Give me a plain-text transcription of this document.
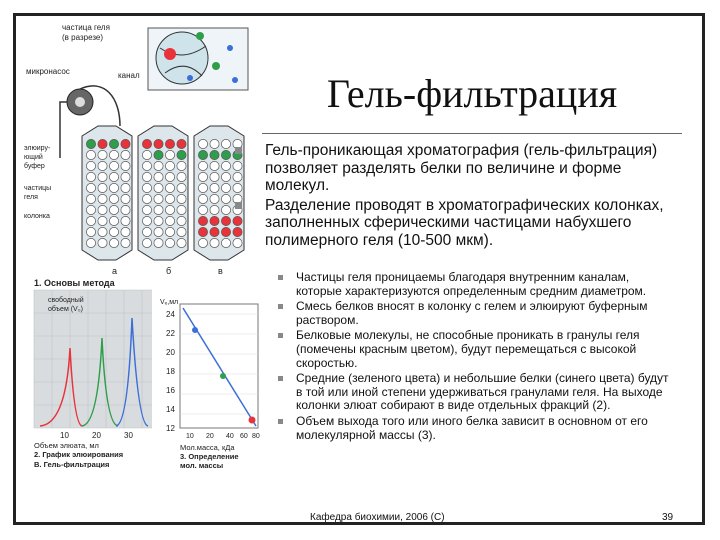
частица геля
(в разрезе)
микронасос	канал
элюиру-
ющий
буфер
частицы
геля
колонка
а	б	в
1. Основы метода
свободный
объем (V₀)
10	20	30
Объем элюата, мл
2. График элюирования
В. Гель-фильтрация
Vₑ,мл
24
22
20
18
16
14
12
10 20 40 60 80
Мол.масса, кДа
3. Определение
мол. массы
Гель-фильтрация
Гель-проникающая хроматография (гель-фильтрация) позволяет разделять белки по величине и форме молекул.
Разделение проводят в хроматографических колонках, заполненных сферическими частицами набухшего полимерного геля (10-500 мкм).
Частицы геля проницаемы благодаря внутренним каналам, которые характеризуются определенным средним диаметром.
Смесь белков вносят в колонку с гелем и элюируют буферным раствором.
Белковые молекулы, не способные проникать в гранулы геля (помечены красным цветом), будут перемещаться с высокой скоростью.
Средние (зеленого цвета) и небольшие белки (синего цвета) будут в той или иной степени удерживаться гранулами геля. На выходе колонки элюат собирают в виде отдельных фракций (2).
Объем выхода того или иного белка зависит в основном от его молекулярной массы (3).
Кафедра биохимии, 2006 (С)	39
